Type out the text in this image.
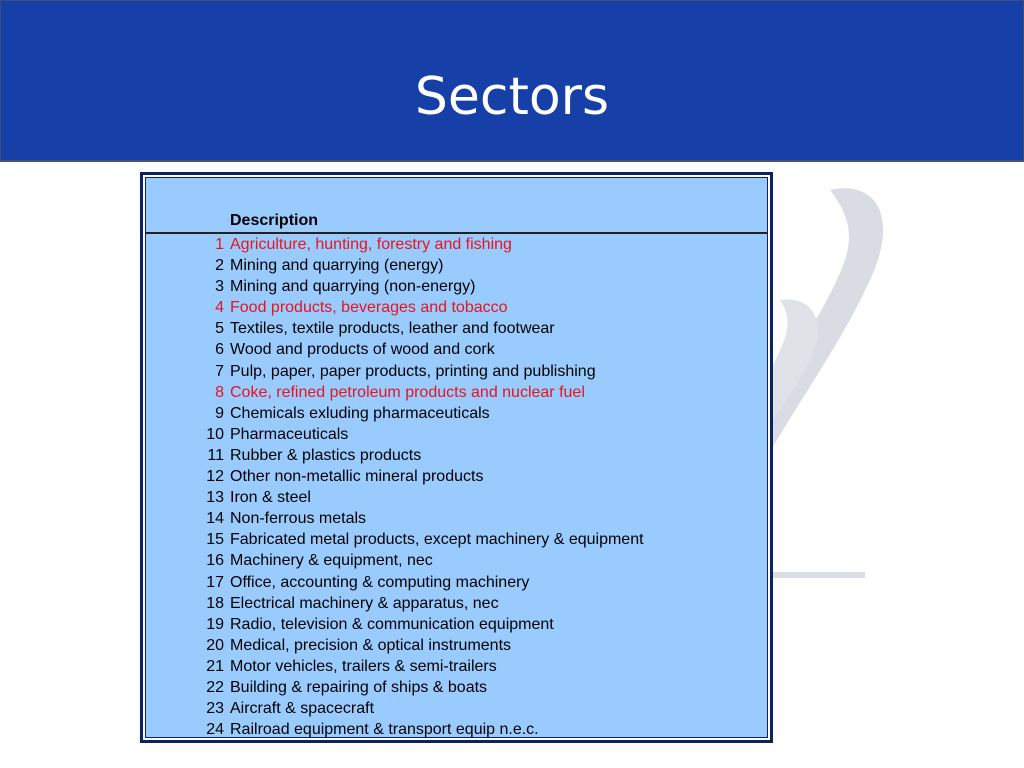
Sectors
Description
1 Agriculture, hunting, forestry and fishing
2 Mining and quarrying (energy)
3 Mining and quarrying (non-energy)
4 Food products, beverages and tobacco
5 Textiles, textile products, leather and footwear
6 Wood and products of wood and cork
7 Pulp, paper, paper products, printing and publishing
8 Coke, refined petroleum products and nuclear fuel
9 Chemicals exluding pharmaceuticals
10 Pharmaceuticals
11 Rubber & plastics products
12 Other non-metallic mineral products
13 Iron & steel
14 Non-ferrous metals
15 Fabricated metal products, except machinery & equipment
16 Machinery & equipment, nec
17 Office, accounting & computing machinery
18 Electrical machinery & apparatus, nec
19 Radio, television & communication equipment
20 Medical, precision & optical instruments
21 Motor vehicles, trailers & semi-trailers
22 Building & repairing of ships & boats
23 Aircraft & spacecraft
24 Railroad equipment & transport equip n.e.c.
